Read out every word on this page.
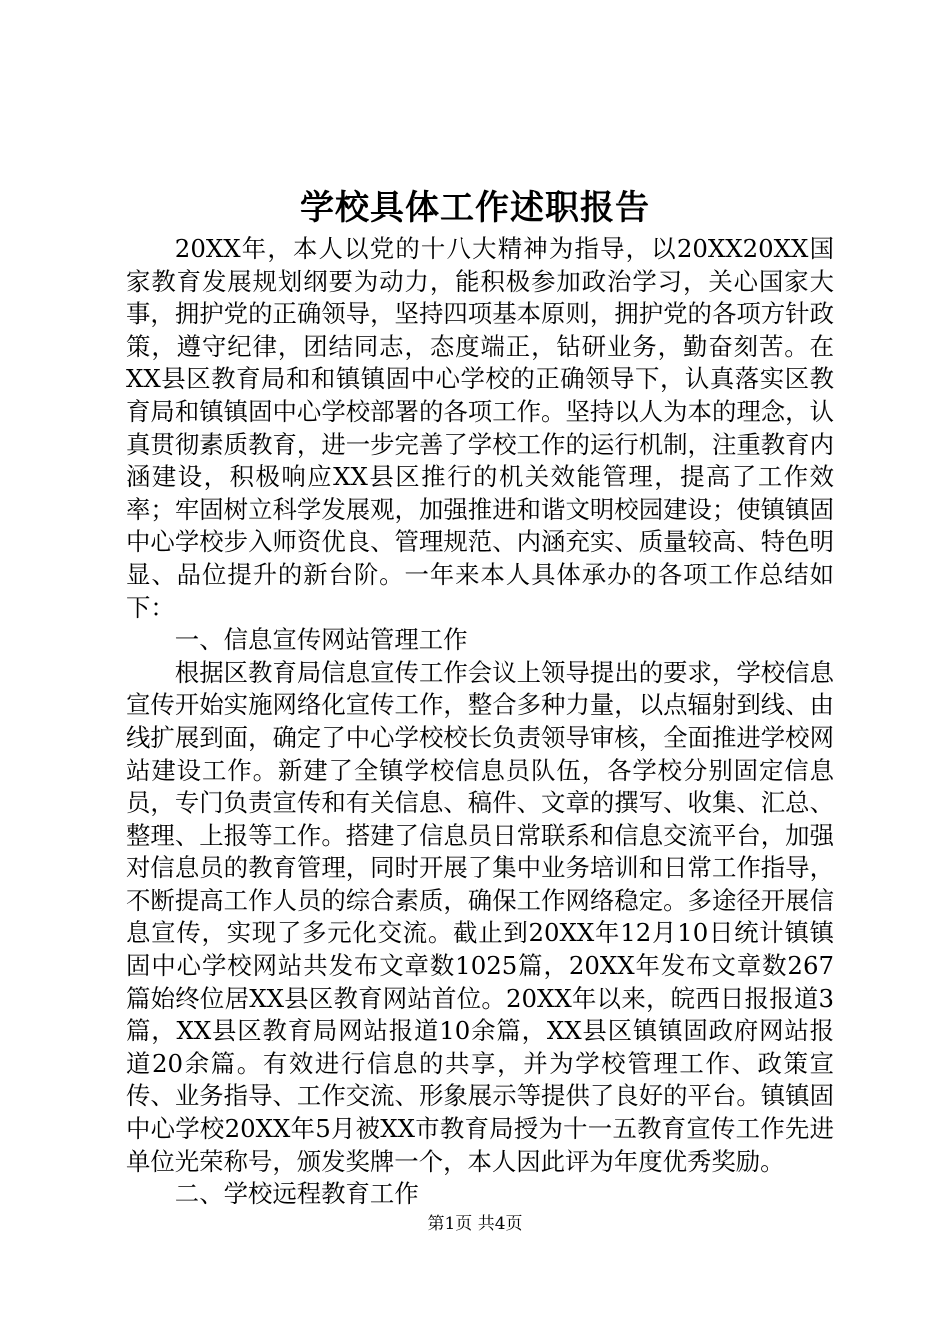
学校具体工作述职报告

20XX年，本人以党的十八大精神为指导，以20XX20XX国家教育发展规划纲要为动力，能积极参加政治学习，关心国家大事，拥护党的正确领导，坚持四项基本原则，拥护党的各项方针政策，遵守纪律，团结同志，态度端正，钻研业务，勤奋刻苦。在XX县区教育局和和镇镇固中心学校的正确领导下，认真落实区教育局和镇镇固中心学校部署的各项工作。坚持以人为本的理念，认真贯彻素质教育，进一步完善了学校工作的运行机制，注重教育内涵建设，积极响应XX县区推行的机关效能管理，提高了工作效率；牢固树立科学发展观，加强推进和谐文明校园建设；使镇镇固中心学校步入师资优良、管理规范、内涵充实、质量较高、特色明显、品位提升的新台阶。一年来本人具体承办的各项工作总结如下：

一、信息宣传网站管理工作

根据区教育局信息宣传工作会议上领导提出的要求，学校信息宣传开始实施网络化宣传工作，整合多种力量，以点辐射到线、由线扩展到面，确定了中心学校校长负责领导审核，全面推进学校网站建设工作。新建了全镇学校信息员队伍，各学校分别固定信息员，专门负责宣传和有关信息、稿件、文章的撰写、收集、汇总、整理、上报等工作。搭建了信息员日常联系和信息交流平台，加强对信息员的教育管理，同时开展了集中业务培训和日常工作指导，不断提高工作人员的综合素质，确保工作网络稳定。多途径开展信息宣传，实现了多元化交流。截止到20XX年12月10日统计镇镇固中心学校网站共发布文章数1025篇，20XX年发布文章数267篇始终位居XX县区教育网站首位。20XX年以来，皖西日报报道3篇，XX县区教育局网站报道10余篇，XX县区镇镇固政府网站报道20余篇。有效进行信息的共享，并为学校管理工作、政策宣传、业务指导、工作交流、形象展示等提供了良好的平台。镇镇固中心学校20XX年5月被XX市教育局授为十一五教育宣传工作先进单位光荣称号，颁发奖牌一个，本人因此评为年度优秀奖励。

二、学校远程教育工作

第1页 共4页
